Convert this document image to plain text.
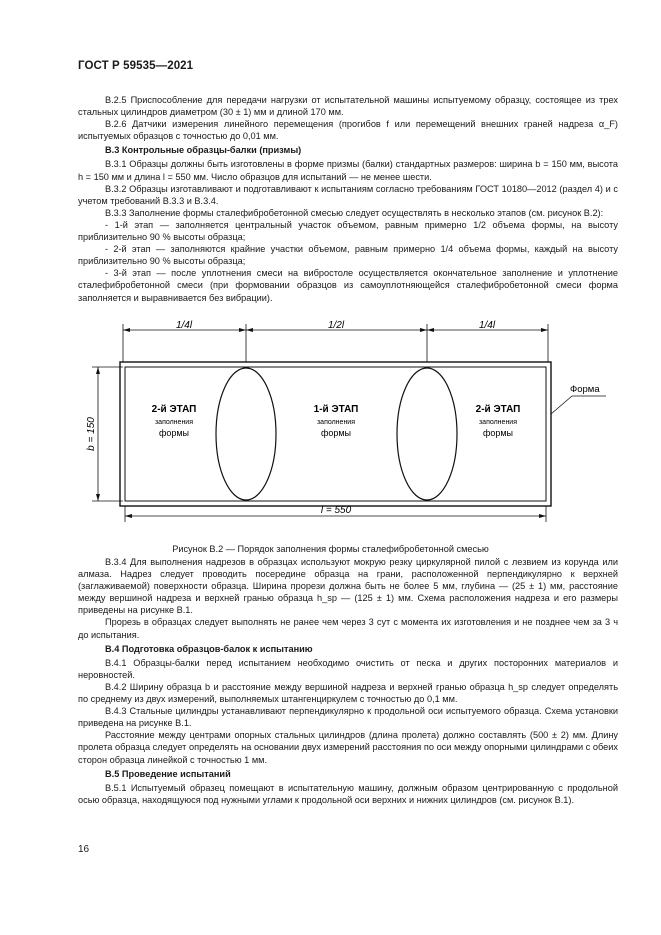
ГОСТ Р 59535—2021

В.2.5 Приспособление для передачи нагрузки от испытательной машины испытуемому образцу, состоящее из трех стальных цилиндров диаметром (30 ± 1) мм и длиной 170 мм.

В.2.6 Датчики измерения линейного перемещения (прогибов f или перемещений внешних граней надреза α_F) испытуемых образцов с точностью до 0,01 мм.

В.3 Контрольные образцы-балки (призмы)

В.3.1 Образцы должны быть изготовлены в форме призмы (балки) стандартных размеров: ширина b = 150 мм, высота h = 150 мм и длина l = 550 мм. Число образцов для испытаний — не менее шести.

В.3.2 Образцы изготавливают и подготавливают к испытаниям согласно требованиям ГОСТ 10180—2012 (раздел 4) и с учетом требований В.3.3 и В.3.4.

В.3.3 Заполнение формы сталефибробетонной смесью следует осуществлять в несколько этапов (см. рисунок В.2):

- 1-й этап — заполняется центральный участок объемом, равным примерно 1/2 объема формы, на высоту приблизительно 90 % высоты образца;

- 2-й этап — заполняются крайние участки объемом, равным примерно 1/4 объема формы, каждый на высоту приблизительно 90 % высоты образца;

- 3-й этап — после уплотнения смеси на вибростоле осуществляется окончательное заполнение и уплотнение сталефибробетонной смеси (при формовании образцов из самоуплотняющейся сталефибробетонной смеси форма заполняется и выравнивается без вибрации).

1/4l	1/2l	1/4l
2-й ЭТАП
заполнения
формы
1-й ЭТАП
заполнения
формы
2-й ЭТАП
заполнения
формы
b = 150
l = 550
Форма
Рисунок В.2 — Порядок заполнения формы сталефибробетонной смесью

В.3.4 Для выполнения надрезов в образцах используют мокрую резку циркулярной пилой с лезвием из корунда или алмаза. Надрез следует проводить посередине образца на грани, расположенной перпендикулярно к верхней (заглаживаемой) поверхности образца. Ширина прорези должна быть не более 5 мм, глубина — (25 ± 1) мм, расстояние между вершиной надреза и верхней гранью образца h_sp — (125 ± 1) мм. Схема расположения надреза и его размеры приведены на рисунке В.1.

Прорезь в образцах следует выполнять не ранее чем через 3 сут с момента их изготовления и не позднее чем за 3 ч до испытания.

В.4 Подготовка образцов-балок к испытанию

В.4.1 Образцы-балки перед испытанием необходимо очистить от песка и других посторонних материалов и неровностей.

В.4.2 Ширину образца b и расстояние между вершиной надреза и верхней гранью образца h_sp следует определять по среднему из двух измерений, выполняемых штангенциркулем с точностью до 0,1 мм.

В.4.3 Стальные цилиндры устанавливают перпендикулярно к продольной оси испытуемого образца. Схема установки приведена на рисунке В.1.

Расстояние между центрами опорных стальных цилиндров (длина пролета) должно составлять (500 ± 2) мм. Длину пролета образца следует определять на основании двух измерений расстояния по оси между опорными цилиндрами с обеих сторон образца линейкой с точностью 1 мм.

В.5 Проведение испытаний

В.5.1 Испытуемый образец помещают в испытательную машину, должным образом центрированную с продольной осью образца, находящуюся под нужными углами к продольной оси верхних и нижних цилиндров (см. рисунок В.1).

16
